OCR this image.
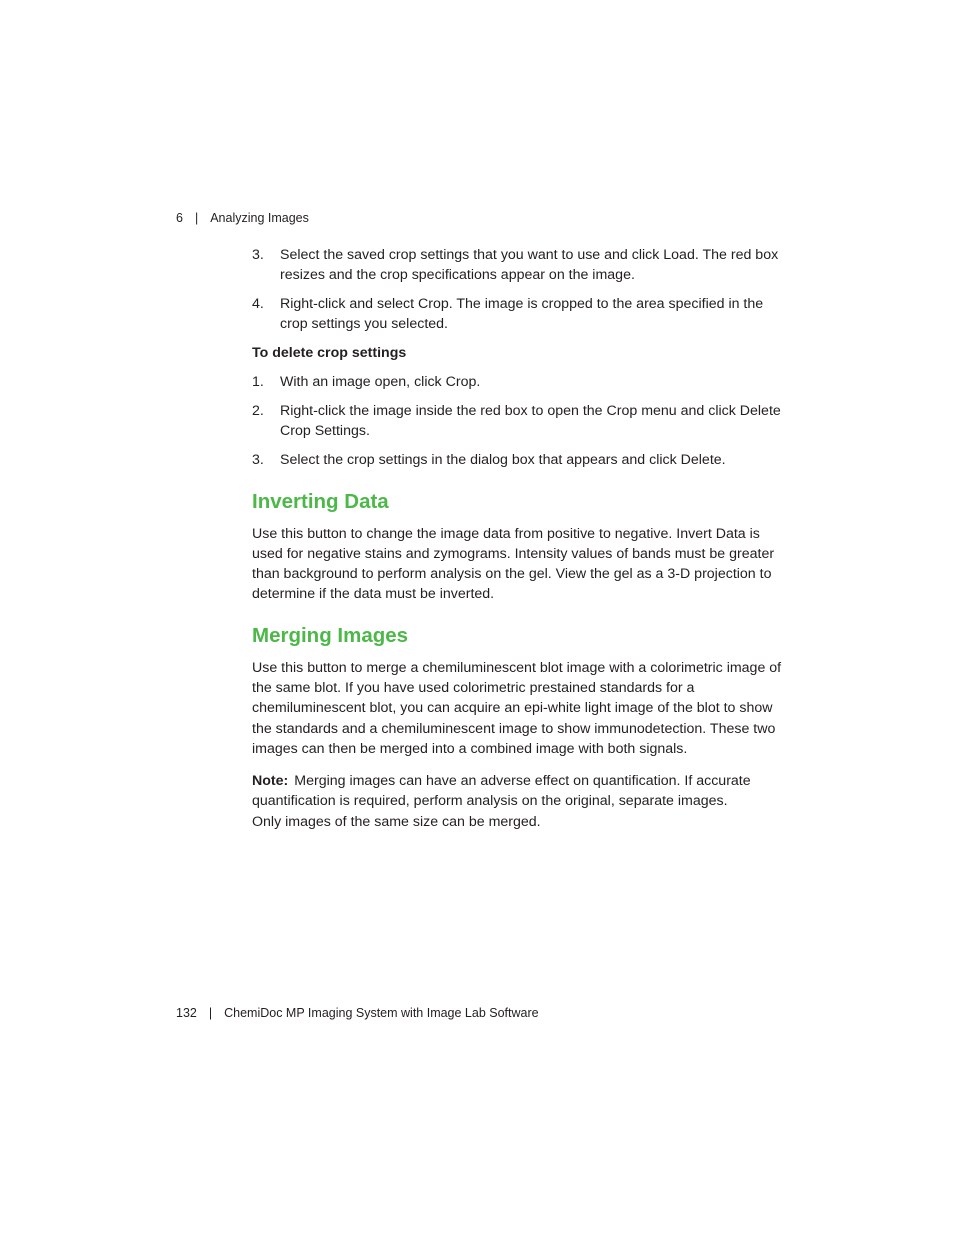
6 | Analyzing Images
3. Select the saved crop settings that you want to use and click Load. The red box resizes and the crop specifications appear on the image.
4. Right-click and select Crop. The image is cropped to the area specified in the crop settings you selected.
To delete crop settings
1. With an image open, click Crop.
2. Right-click the image inside the red box to open the Crop menu and click Delete Crop Settings.
3. Select the crop settings in the dialog box that appears and click Delete.
Inverting Data

Use this button to change the image data from positive to negative. Invert Data is used for negative stains and zymograms. Intensity values of bands must be greater than background to perform analysis on the gel. View the gel as a 3-D projection to determine if the data must be inverted.

Merging Images

Use this button to merge a chemiluminescent blot image with a colorimetric image of the same blot. If you have used colorimetric prestained standards for a chemiluminescent blot, you can acquire an epi-white light image of the blot to show the standards and a chemiluminescent image to show immunodetection. These two images can then be merged into a combined image with both signals.

Note: Merging images can have an adverse effect on quantification. If accurate quantification is required, perform analysis on the original, separate images.
Only images of the same size can be merged.

132 | ChemiDoc MP Imaging System with Image Lab Software
